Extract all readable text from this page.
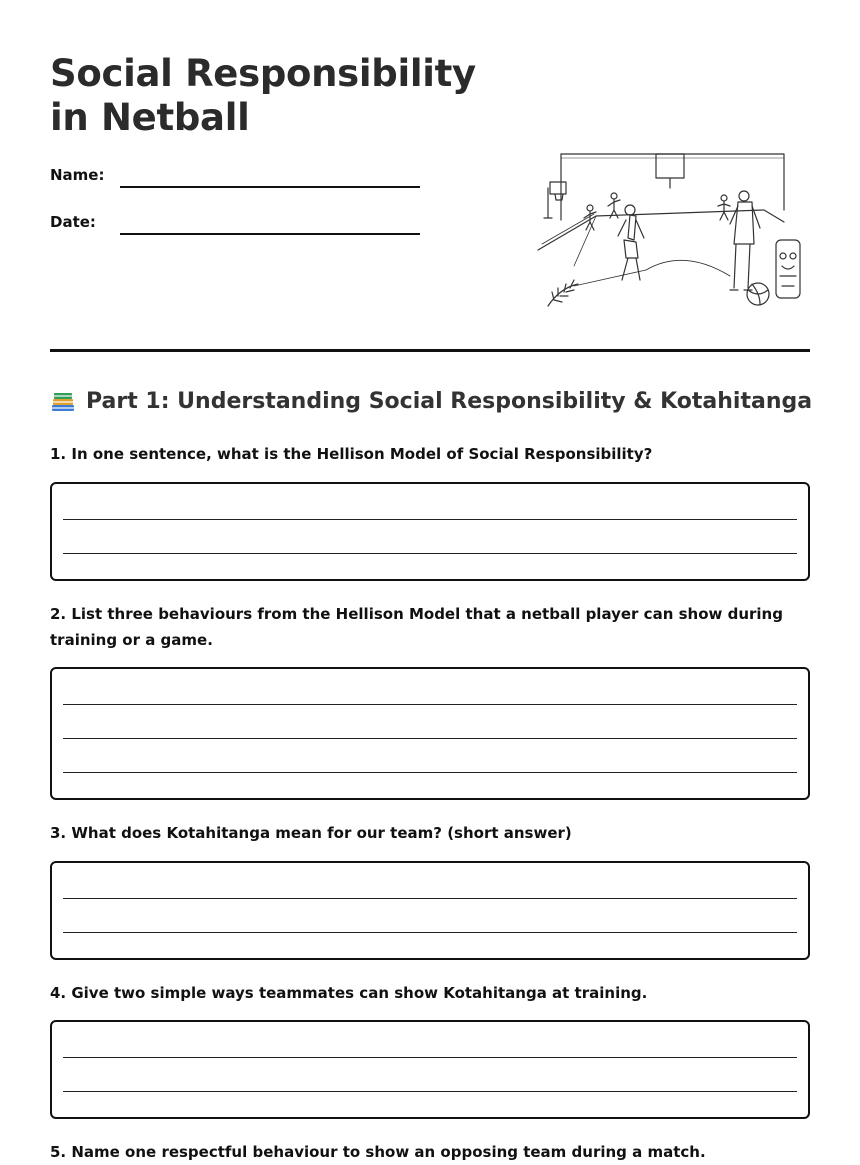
Social Responsibility in Netball
Name:
Date:
Part 1: Understanding Social Responsibility & Kotahitanga
1. In one sentence, what is the Hellison Model of Social Responsibility?
2. List three behaviours from the Hellison Model that a netball player can show during training or a game.
3. What does Kotahitanga mean for our team? (short answer)
4. Give two simple ways teammates can show Kotahitanga at training.
5. Name one respectful behaviour to show an opposing team during a match.
